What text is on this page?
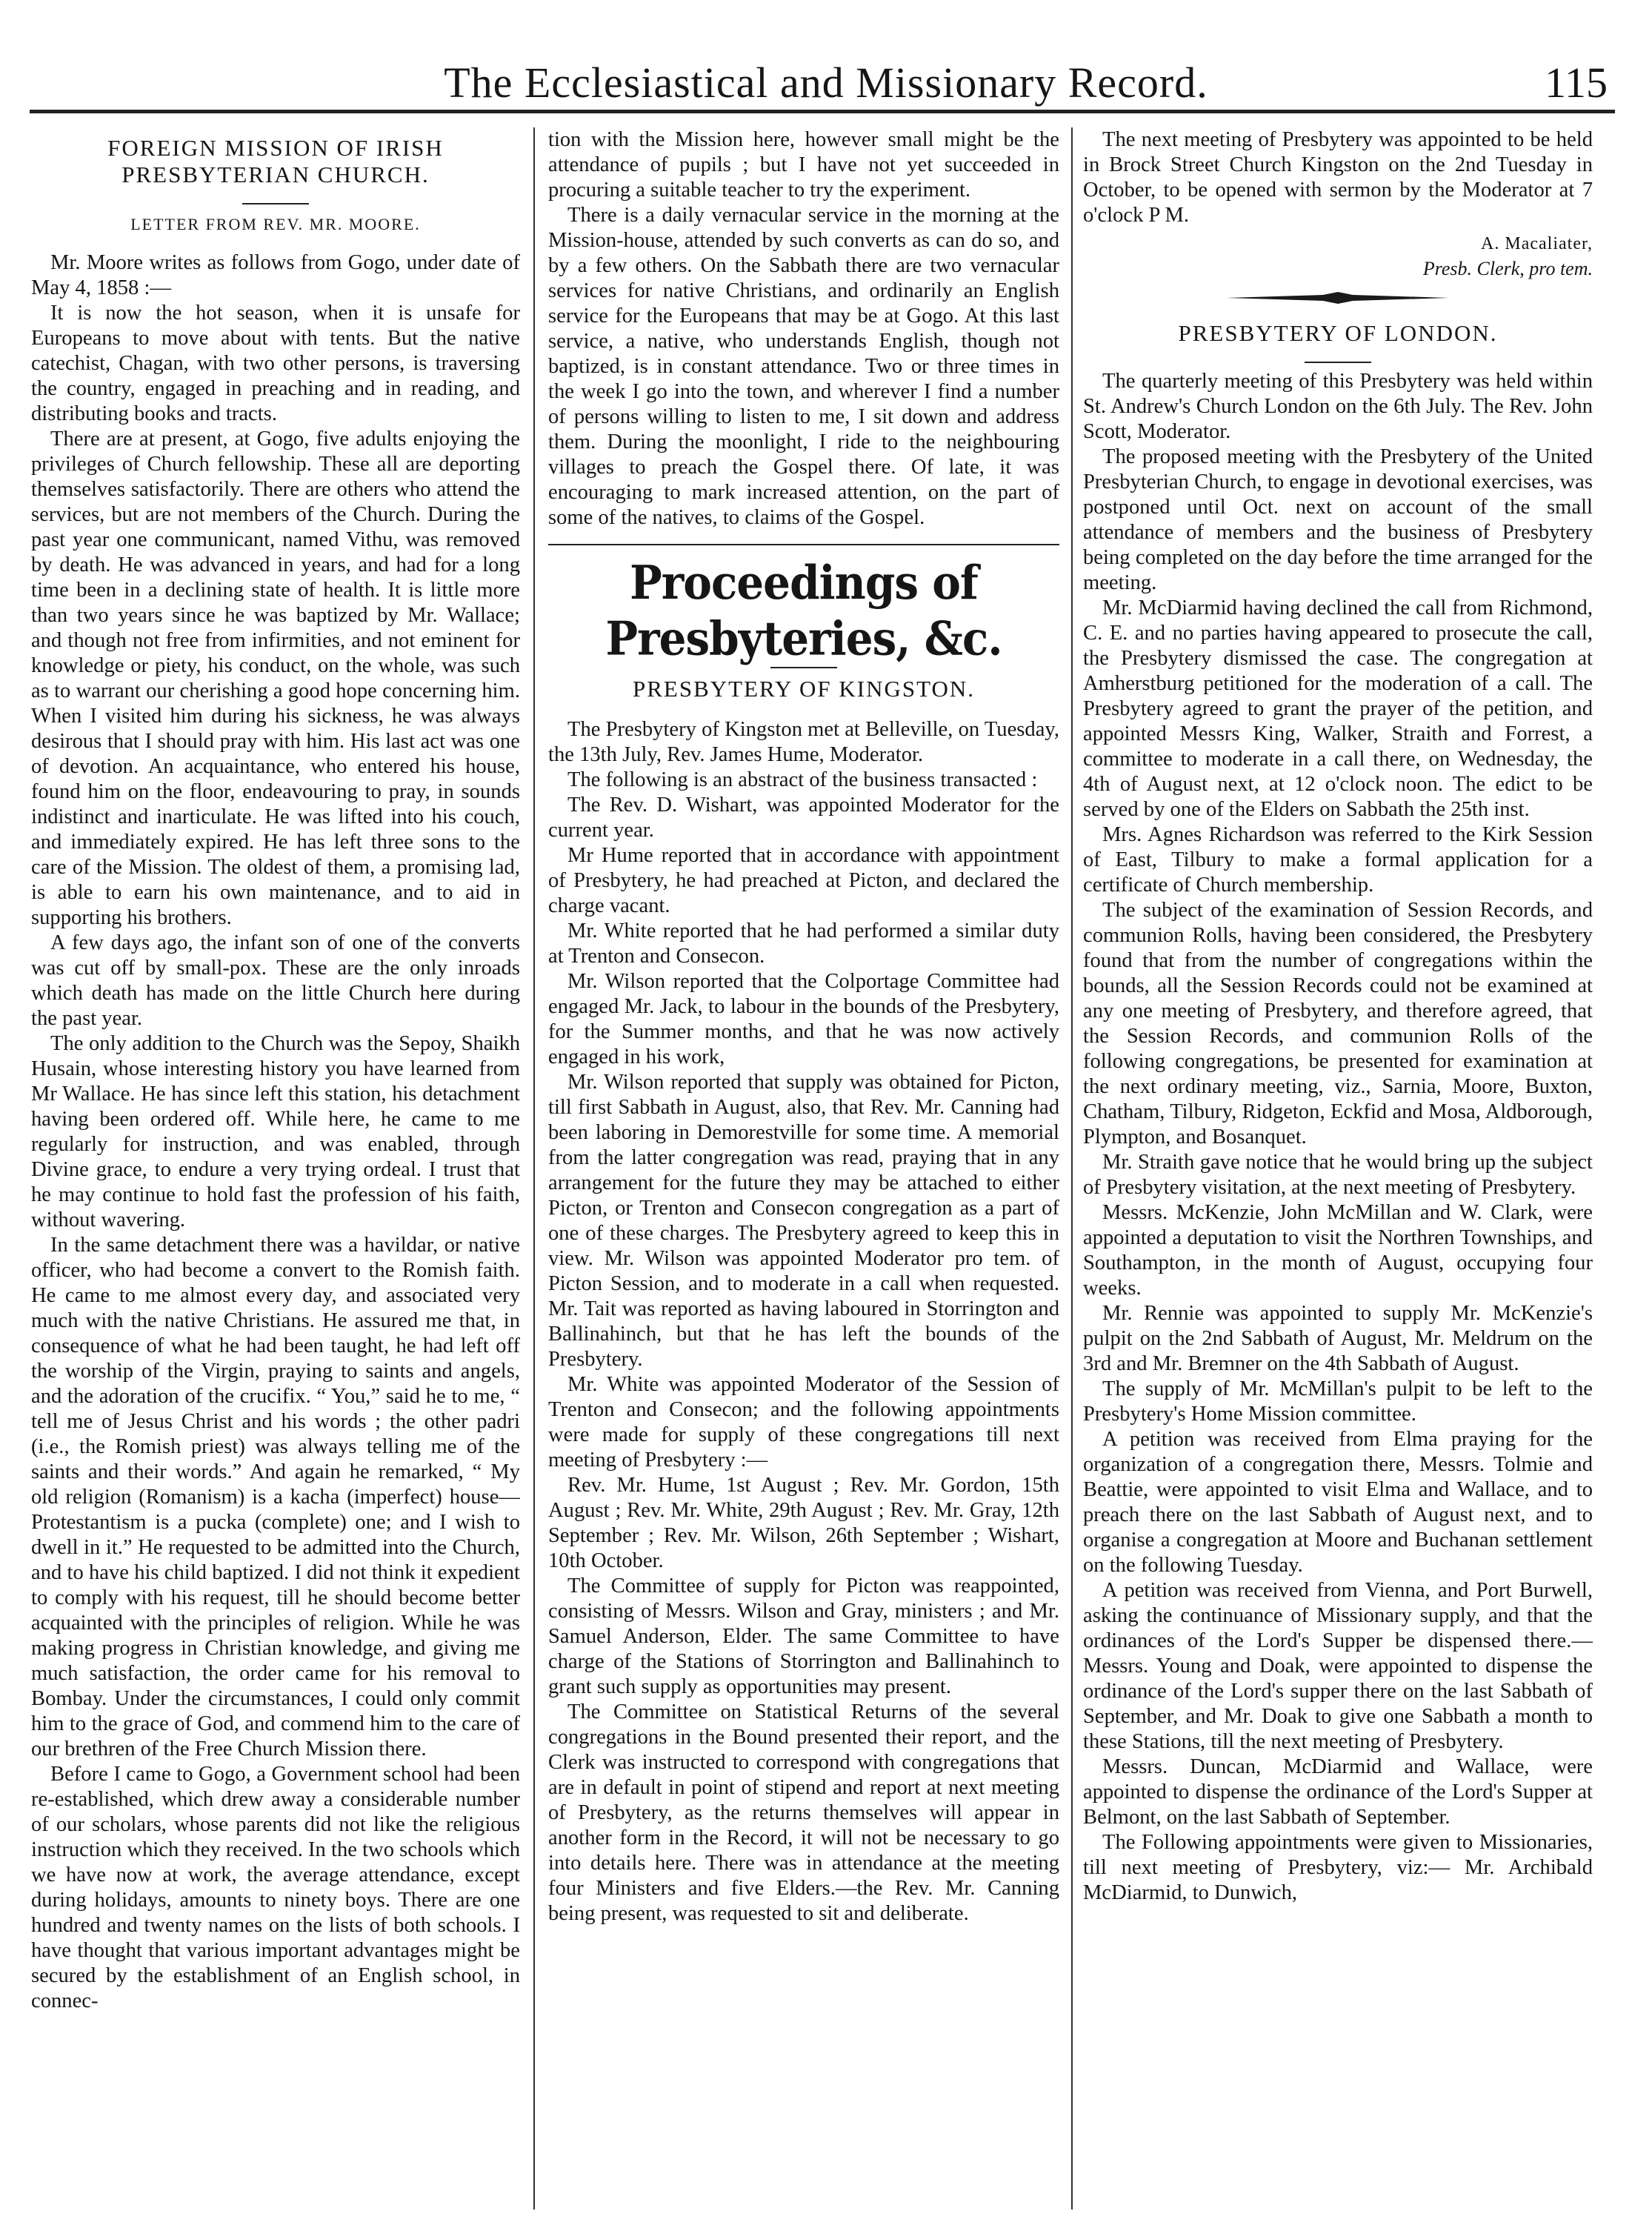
The Ecclesiastical and Missionary Record.	115
FOREIGN MISSION OF IRISH PRESBYTERIAN CHURCH.
LETTER FROM REV. MR. MOORE.

Mr. Moore writes as follows from Gogo, under date of May 4, 1858 :—

It is now the hot season, when it is unsafe for Europeans to move about with tents. But the native catechist, Chagan, with two other persons, is traversing the country, engaged in preaching and in reading, and distributing books and tracts.

There are at present, at Gogo, five adults enjoying the privileges of Church fellowship. These all are deporting themselves satisfactorily. There are others who attend the services, but are not members of the Church. During the past year one communicant, named Vithu, was removed by death. He was advanced in years, and had for a long time been in a declining state of health. It is little more than two years since he was baptized by Mr. Wallace; and though not free from infirmities, and not eminent for knowledge or piety, his conduct, on the whole, was such as to warrant our cherishing a good hope concerning him. When I visited him during his sickness, he was always desirous that I should pray with him. His last act was one of devotion. An acquaintance, who entered his house, found him on the floor, endeavouring to pray, in sounds indistinct and inarticulate. He was lifted into his couch, and immediately expired. He has left three sons to the care of the Mission. The oldest of them, a promising lad, is able to earn his own maintenance, and to aid in supporting his brothers.

A few days ago, the infant son of one of the converts was cut off by small-pox. These are the only inroads which death has made on the little Church here during the past year.

The only addition to the Church was the Sepoy, Shaikh Husain, whose interesting history you have learned from Mr Wallace. He has since left this station, his detachment having been ordered off. While here, he came to me regularly for instruction, and was enabled, through Divine grace, to endure a very trying ordeal. I trust that he may continue to hold fast the profession of his faith, without wavering.

In the same detachment there was a havildar, or native officer, who had become a convert to the Romish faith. He came to me almost every day, and associated very much with the native Christians. He assured me that, in consequence of what he had been taught, he had left off the worship of the Virgin, praying to saints and angels, and the adoration of the crucifix. “ You,” said he to me, “ tell me of Jesus Christ and his words ; the other padri (i.e., the Romish priest) was always telling me of the saints and their words.” And again he remarked, “ My old religion (Romanism) is a kacha (imperfect) house—Protestantism is a pucka (complete) one; and I wish to dwell in it.” He requested to be admitted into the Church, and to have his child baptized. I did not think it expedient to comply with his request, till he should become better acquainted with the principles of religion. While he was making progress in Christian knowledge, and giving me much satisfaction, the order came for his removal to Bombay. Under the circumstances, I could only commit him to the grace of God, and commend him to the care of our brethren of the Free Church Mission there.

Before I came to Gogo, a Government school had been re-established, which drew away a considerable number of our scholars, whose parents did not like the religious instruction which they received. In the two schools which we have now at work, the average attendance, except during holidays, amounts to ninety boys. There are one hundred and twenty names on the lists of both schools. I have thought that various important advantages might be secured by the establishment of an English school, in connec-

tion with the Mission here, however small might be the attendance of pupils ; but I have not yet succeeded in procuring a suitable teacher to try the experiment.

There is a daily vernacular service in the morning at the Mission-house, attended by such converts as can do so, and by a few others. On the Sabbath there are two vernacular services for native Christians, and ordinarily an English service for the Europeans that may be at Gogo. At this last service, a native, who understands English, though not baptized, is in constant attendance. Two or three times in the week I go into the town, and wherever I find a number of persons willing to listen to me, I sit down and address them. During the moonlight, I ride to the neighbouring villages to preach the Gospel there. Of late, it was encouraging to mark increased attention, on the part of some of the natives, to claims of the Gospel.

Proceedings of Presbyteries, &c.
PRESBYTERY OF KINGSTON.

The Presbytery of Kingston met at Belleville, on Tuesday, the 13th July, Rev. James Hume, Moderator.

The following is an abstract of the business transacted :

The Rev. D. Wishart, was appointed Moderator for the current year.

Mr Hume reported that in accordance with appointment of Presbytery, he had preached at Picton, and declared the charge vacant.

Mr. White reported that he had performed a similar duty at Trenton and Consecon.

Mr. Wilson reported that the Colportage Committee had engaged Mr. Jack, to labour in the bounds of the Presbytery, for the Summer months, and that he was now actively engaged in his work,

Mr. Wilson reported that supply was obtained for Picton, till first Sabbath in August, also, that Rev. Mr. Canning had been laboring in Demorestville for some time. A memorial from the latter congregation was read, praying that in any arrangement for the future they may be attached to either Picton, or Trenton and Consecon congregation as a part of one of these charges. The Presbytery agreed to keep this in view. Mr. Wilson was appointed Moderator pro tem. of Picton Session, and to moderate in a call when requested. Mr. Tait was reported as having laboured in Storrington and Ballinahinch, but that he has left the bounds of the Presbytery.

Mr. White was appointed Moderator of the Session of Trenton and Consecon; and the following appointments were made for supply of these congregations till next meeting of Presbytery :—

Rev. Mr. Hume, 1st August ; Rev. Mr. Gordon, 15th August ; Rev. Mr. White, 29th August ; Rev. Mr. Gray, 12th September ; Rev. Mr. Wilson, 26th September ; Wishart, 10th October.

The Committee of supply for Picton was reappointed, consisting of Messrs. Wilson and Gray, ministers ; and Mr. Samuel Anderson, Elder. The same Committee to have charge of the Stations of Storrington and Ballinahinch to grant such supply as opportunities may present.

The Committee on Statistical Returns of the several congregations in the Bound presented their report, and the Clerk was instructed to correspond with congregations that are in default in point of stipend and report at next meeting of Presbytery, as the returns themselves will appear in another form in the Record, it will not be necessary to go into details here. There was in attendance at the meeting four Ministers and five Elders.—the Rev. Mr. Canning being present, was requested to sit and deliberate.

The next meeting of Presbytery was appointed to be held in Brock Street Church Kingston on the 2nd Tuesday in October, to be opened with sermon by the Moderator at 7 o'clock P M.

A. Macaliater,
Presb. Clerk, pro tem.
PRESBYTERY OF LONDON.

The quarterly meeting of this Presbytery was held within St. Andrew's Church London on the 6th July. The Rev. John Scott, Moderator.

The proposed meeting with the Presbytery of the United Presbyterian Church, to engage in devotional exercises, was postponed until Oct. next on account of the small attendance of members and the business of Presbytery being completed on the day before the time arranged for the meeting.

Mr. McDiarmid having declined the call from Richmond, C. E. and no parties having appeared to prosecute the call, the Presbytery dismissed the case. The congregation at Amherstburg petitioned for the moderation of a call. The Presbytery agreed to grant the prayer of the petition, and appointed Messrs King, Walker, Straith and Forrest, a committee to moderate in a call there, on Wednesday, the 4th of August next, at 12 o'clock noon. The edict to be served by one of the Elders on Sabbath the 25th inst.

Mrs. Agnes Richardson was referred to the Kirk Session of East, Tilbury to make a formal application for a certificate of Church membership.

The subject of the examination of Session Records, and communion Rolls, having been considered, the Presbytery found that from the number of congregations within the bounds, all the Session Records could not be examined at any one meeting of Presbytery, and therefore agreed, that the Session Records, and communion Rolls of the following congregations, be presented for examination at the next ordinary meeting, viz., Sarnia, Moore, Buxton, Chatham, Tilbury, Ridgeton, Eckfid and Mosa, Aldborough, Plympton, and Bosanquet.

Mr. Straith gave notice that he would bring up the subject of Presbytery visitation, at the next meeting of Presbytery.

Messrs. McKenzie, John McMillan and W. Clark, were appointed a deputation to visit the Northren Townships, and Southampton, in the month of August, occupying four weeks.

Mr. Rennie was appointed to supply Mr. McKenzie's pulpit on the 2nd Sabbath of August, Mr. Meldrum on the 3rd and Mr. Bremner on the 4th Sabbath of August.

The supply of Mr. McMillan's pulpit to be left to the Presbytery's Home Mission committee.

A petition was received from Elma praying for the organization of a congregation there, Messrs. Tolmie and Beattie, were appointed to visit Elma and Wallace, and to preach there on the last Sabbath of August next, and to organise a congregation at Moore and Buchanan settlement on the following Tuesday.

A petition was received from Vienna, and Port Burwell, asking the continuance of Missionary supply, and that the ordinances of the Lord's Supper be dispensed there.— Messrs. Young and Doak, were appointed to dispense the ordinance of the Lord's supper there on the last Sabbath of September, and Mr. Doak to give one Sabbath a month to these Stations, till the next meeting of Presbytery.

Messrs. Duncan, McDiarmid and Wallace, were appointed to dispense the ordinance of the Lord's Supper at Belmont, on the last Sabbath of September.

The Following appointments were given to Missionaries, till next meeting of Presbytery, viz:— Mr. Archibald McDiarmid, to Dunwich,
